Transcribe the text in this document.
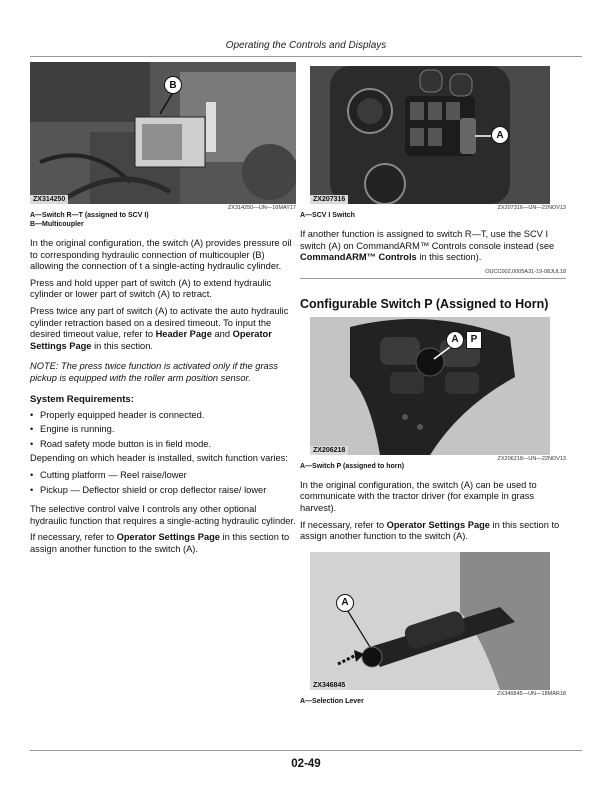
Operating the Controls and Displays
B
ZX314250
ZX314250—UN—16MAY17
A—Switch R—T (assigned to SCV I)
B—Multicoupler

In the original configuration, the switch (A) provides pressure oil to corresponding hydraulic connection of multicoupler (B) allowing the connection of t a single-acting hydraulic cylinder.

Press and hold upper part of switch (A) to extend hydraulic cylinder or lower part of switch (A) to retract.

Press twice any part of switch (A) to activate the auto hydraulic cylinder retraction based on a desired timeout. To input the desired timeout value, refer to Header Page and Operator Settings Page in this section.

NOTE: The press twice function is activated only if the grass pickup is equipped with the roller arm position sensor.
System Requirements:
• Properly equipped header is connected.
• Engine is running.
• Road safety mode button is in field mode.

Depending on which header is installed, switch function varies:

• Cutting platform — Reel raise/lower
• Pickup — Deflector shield or crop deflector raise/ lower

The selective control valve I controls any other optional hydraulic function that requires a single-acting hydraulic cylinder.

If necessary, refer to Operator Settings Page in this section to assign another function to the switch (A).

A
ZX207316
ZX207316—UN—22NOV13
A—SCV I Switch

If another function is assigned to switch R—T, use the SCV I switch (A) on CommandARM™ Controls console instead (see CommandARM™ Controls in this section).

OUCC002,0005A31-19-08JUL18
Configurable Switch P (Assigned to Horn)
A	P
ZX206218
ZX206218—UN—22NOV13
A—Switch P (assigned to horn)

In the original configuration, the switch (A) can be used to communicate with the tractor driver (for example in grass harvest).

If necessary, refer to Operator Settings Page in this section to assign another function to the switch (A).

A
ZX346845
ZX346845—UN—18MAR18
A—Selection Lever
02-49
